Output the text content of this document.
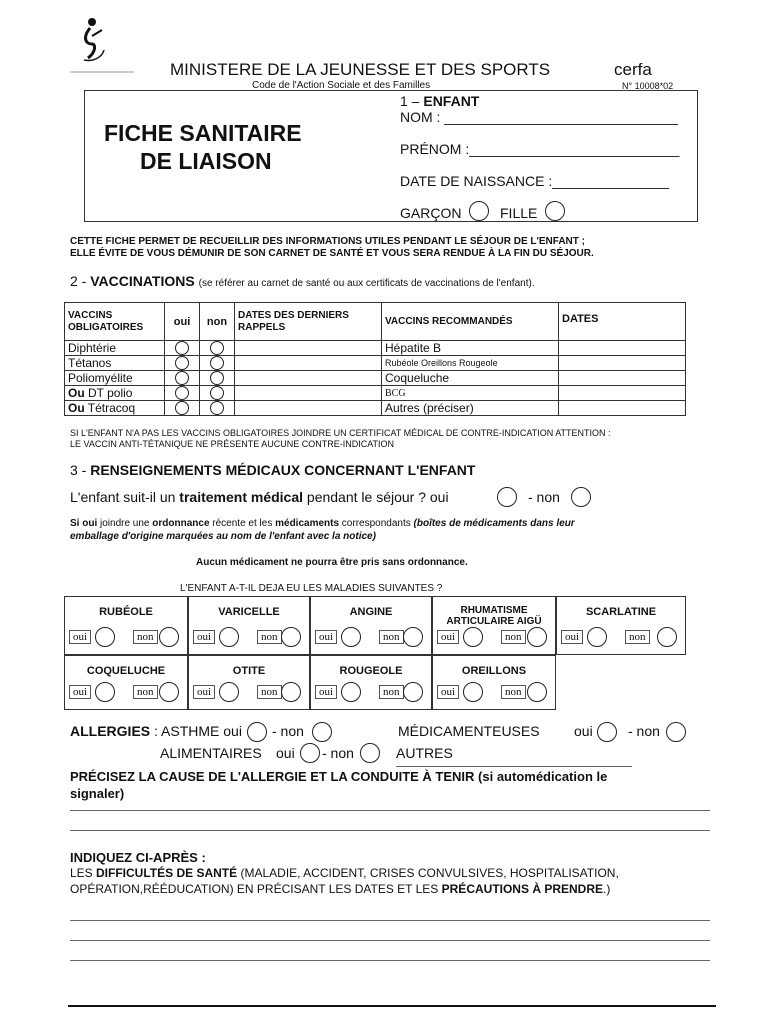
MINISTERE DE LA JEUNESSE ET DES SPORTS	cerfa
Code de l'Action Sociale et des Familles	N° 10008*02
FICHE SANITAIRE
DE LIAISON
1 – ENFANT
NOM : ______________________________
PRÉNOM :___________________________
DATE DE NAISSANCE :_______________
GARÇON	FILLE
CETTE FICHE PERMET DE RECUEILLIR DES INFORMATIONS UTILES PENDANT LE SÉJOUR DE L'ENFANT ;
ELLE ÉVITE DE VOUS DÉMUNIR DE SON CARNET DE SANTÉ ET VOUS SERA RENDUE À LA FIN DU SÉJOUR.
2 - VACCINATIONS (se référer au carnet de santé ou aux certificats de vaccinations de l'enfant).
VACCINS OBLIGATOIRES	oui	non	DATES DES DERNIERS RAPPELS	VACCINS RECOMMANDÉS	DATES
Diphtérie				Hépatite B	
Tétanos				Rubéole Oreillons Rougeole	
Poliomyélite				Coqueluche	
Ou DT polio				BCG	
Ou Tétracoq				Autres (préciser)	
SI L'ENFANT N'A PAS LES VACCINS OBLIGATOIRES JOINDRE UN CERTIFICAT MÉDICAL DE CONTRE-INDICATION ATTENTION :
LE VACCIN ANTI-TÉTANIQUE NE PRÉSENTE AUCUNE CONTRE-INDICATION
3 - RENSEIGNEMENTS MÉDICAUX CONCERNANT L'ENFANT
L'enfant suit-il un traitement médical pendant le séjour ? oui	- non
Si oui joindre une ordonnance récente et les médicaments correspondants (boîtes de médicaments dans leur
emballage d'origine marquées au nom de l'enfant avec la notice)
Aucun médicament ne pourra être pris sans ordonnance.
L'ENFANT A-T-IL DEJA EU LES MALADIES SUIVANTES ?
RUBÉOLE
oui	non
VARICELLE
oui	non
ANGINE
oui	non
RHUMATISME ARTICULAIRE AIGÜ
oui	non
SCARLATINE
oui	non
COQUELUCHE
oui	non
OTITE
oui	non
ROUGEOLE
oui	non
OREILLONS
oui	non
ALLERGIES : ASTHME oui - non	MÉDICAMENTEUSES oui	- non
ALIMENTAIRES oui - non	AUTRES
PRÉCISEZ LA CAUSE DE L'ALLERGIE ET LA CONDUITE À TENIR (si automédication le
signaler)
INDIQUEZ CI-APRÈS :
LES DIFFICULTÉS DE SANTÉ (MALADIE, ACCIDENT, CRISES CONVULSIVES, HOSPITALISATION,
OPÉRATION,RÉÉDUCATION) EN PRÉCISANT LES DATES ET LES PRÉCAUTIONS À PRENDRE.)
